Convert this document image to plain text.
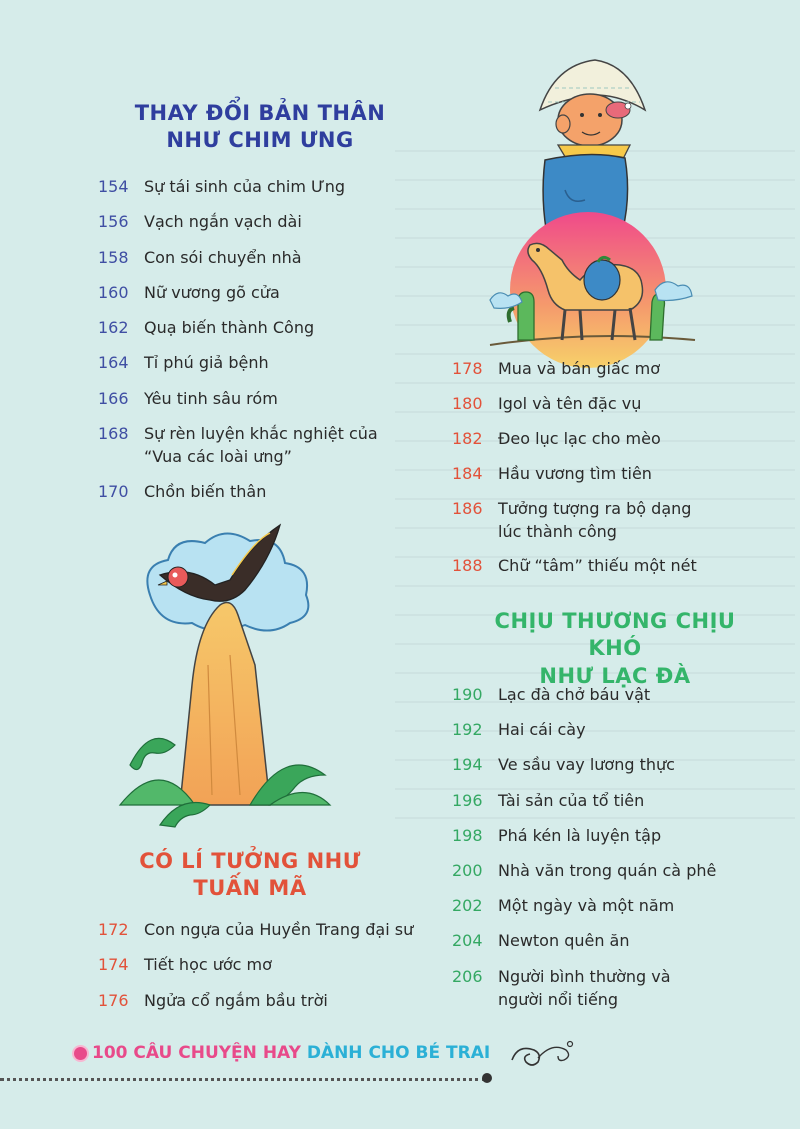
THAY ĐỔI BẢN THÂN
NHƯ CHIM ƯNG
154 Sự tái sinh của chim Ưng
156 Vạch ngắn vạch dài
158 Con sói chuyển nhà
160 Nữ vương gõ cửa
162 Quạ biến thành Công
164 Tỉ phú giả bệnh
166 Yêu tinh sâu róm
168 Sự rèn luyện khắc nghiệt của
“Vua các loài ưng”
170 Chồn biến thân
178 Mua và bán giấc mơ
180 Igol và tên đặc vụ
182 Đeo lục lạc cho mèo
184 Hầu vương tìm tiên
186 Tưởng tượng ra bộ dạng
lúc thành công
188 Chữ “tâm” thiếu một nét
CHỊU THƯƠNG CHỊU KHÓ
NHƯ LẠC ĐÀ
190 Lạc đà chở báu vật
192 Hai cái cày
194 Ve sầu vay lương thực
196 Tài sản của tổ tiên
198 Phá kén là luyện tập
200 Nhà văn trong quán cà phê
202 Một ngày và một năm
204 Newton quên ăn
206 Người bình thường và
người nổi tiếng
CÓ LÍ TƯỞNG NHƯ
TUẤN MÃ
172 Con ngựa của Huyền Trang đại sư
174 Tiết học ước mơ
176 Ngửa cổ ngắm bầu trời
100 CÂU CHUYỆN HAY DÀNH CHO BÉ TRAI
